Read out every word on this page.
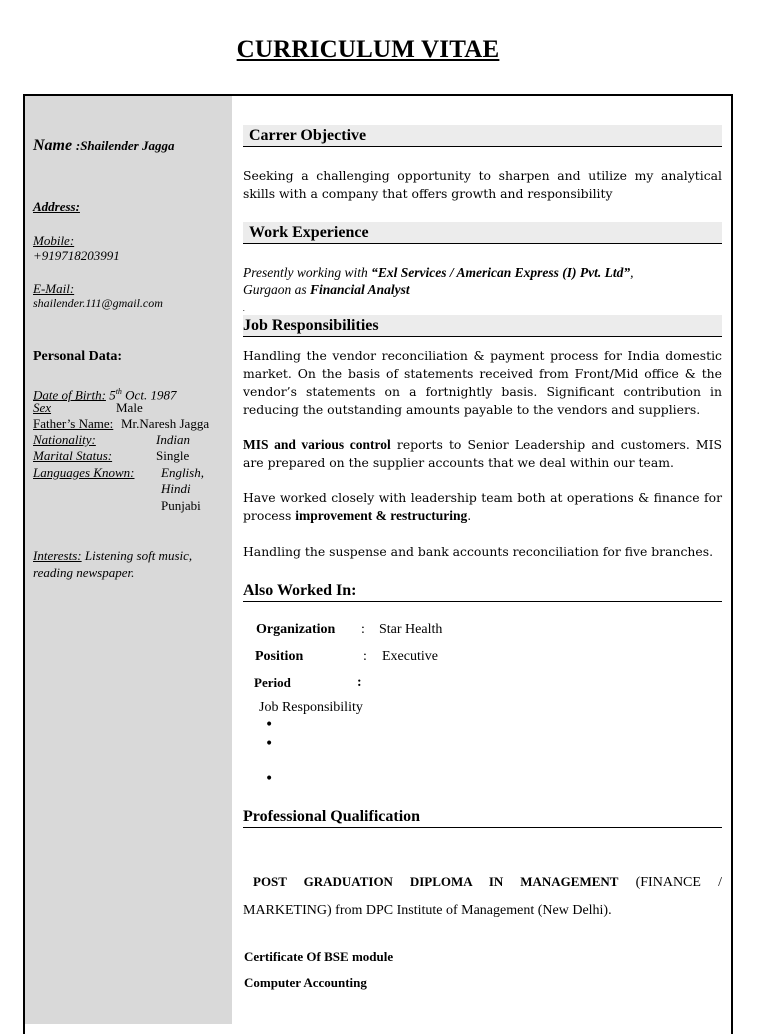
CURRICULUM VITAE
Name :Shailender Jagga
Address:
Mobile:
+919718203991
E-Mail:
shailender.111@gmail.com
Personal Data:
Date of Birth: 5th Oct. 1987
Sex	Male
Father’s Name: Mr.Naresh Jagga
Nationality:	Indian
Marital Status:	Single
Languages Known: English,
Hindi
Punjabi
Interests: Listening soft music,
reading newspaper.
Carrer Objective
Seeking a challenging opportunity to sharpen and utilize my analytical skills with a company that offers growth and responsibility
Work Experience
Presently working with “Exl Services / American Express (I) Pvt. Ltd”,
Gurgaon as Financial Analyst
.
Job Responsibilities
Handling the vendor reconciliation & payment process for India domestic market. On the basis of statements received from Front/Mid office & the vendor’s statements on a fortnightly basis. Significant contribution in reducing the outstanding amounts payable to the vendors and suppliers.
MIS and various control reports to Senior Leadership and customers. MIS are prepared on the supplier accounts that we deal within our team.
Have worked closely with leadership team both at operations & finance for process improvement & restructuring.
Handling the suspense and bank accounts reconciliation for five branches.
Also Worked In:
Organization : Star Health
Position	: Executive
Period	:
Job Responsibility
•
•
•
Professional Qualification
POST GRADUATION DIPLOMA IN MANAGEMENT (FINANCE / MARKETING) from DPC Institute of Management (New Delhi).
Certificate Of BSE module
Computer Accounting
